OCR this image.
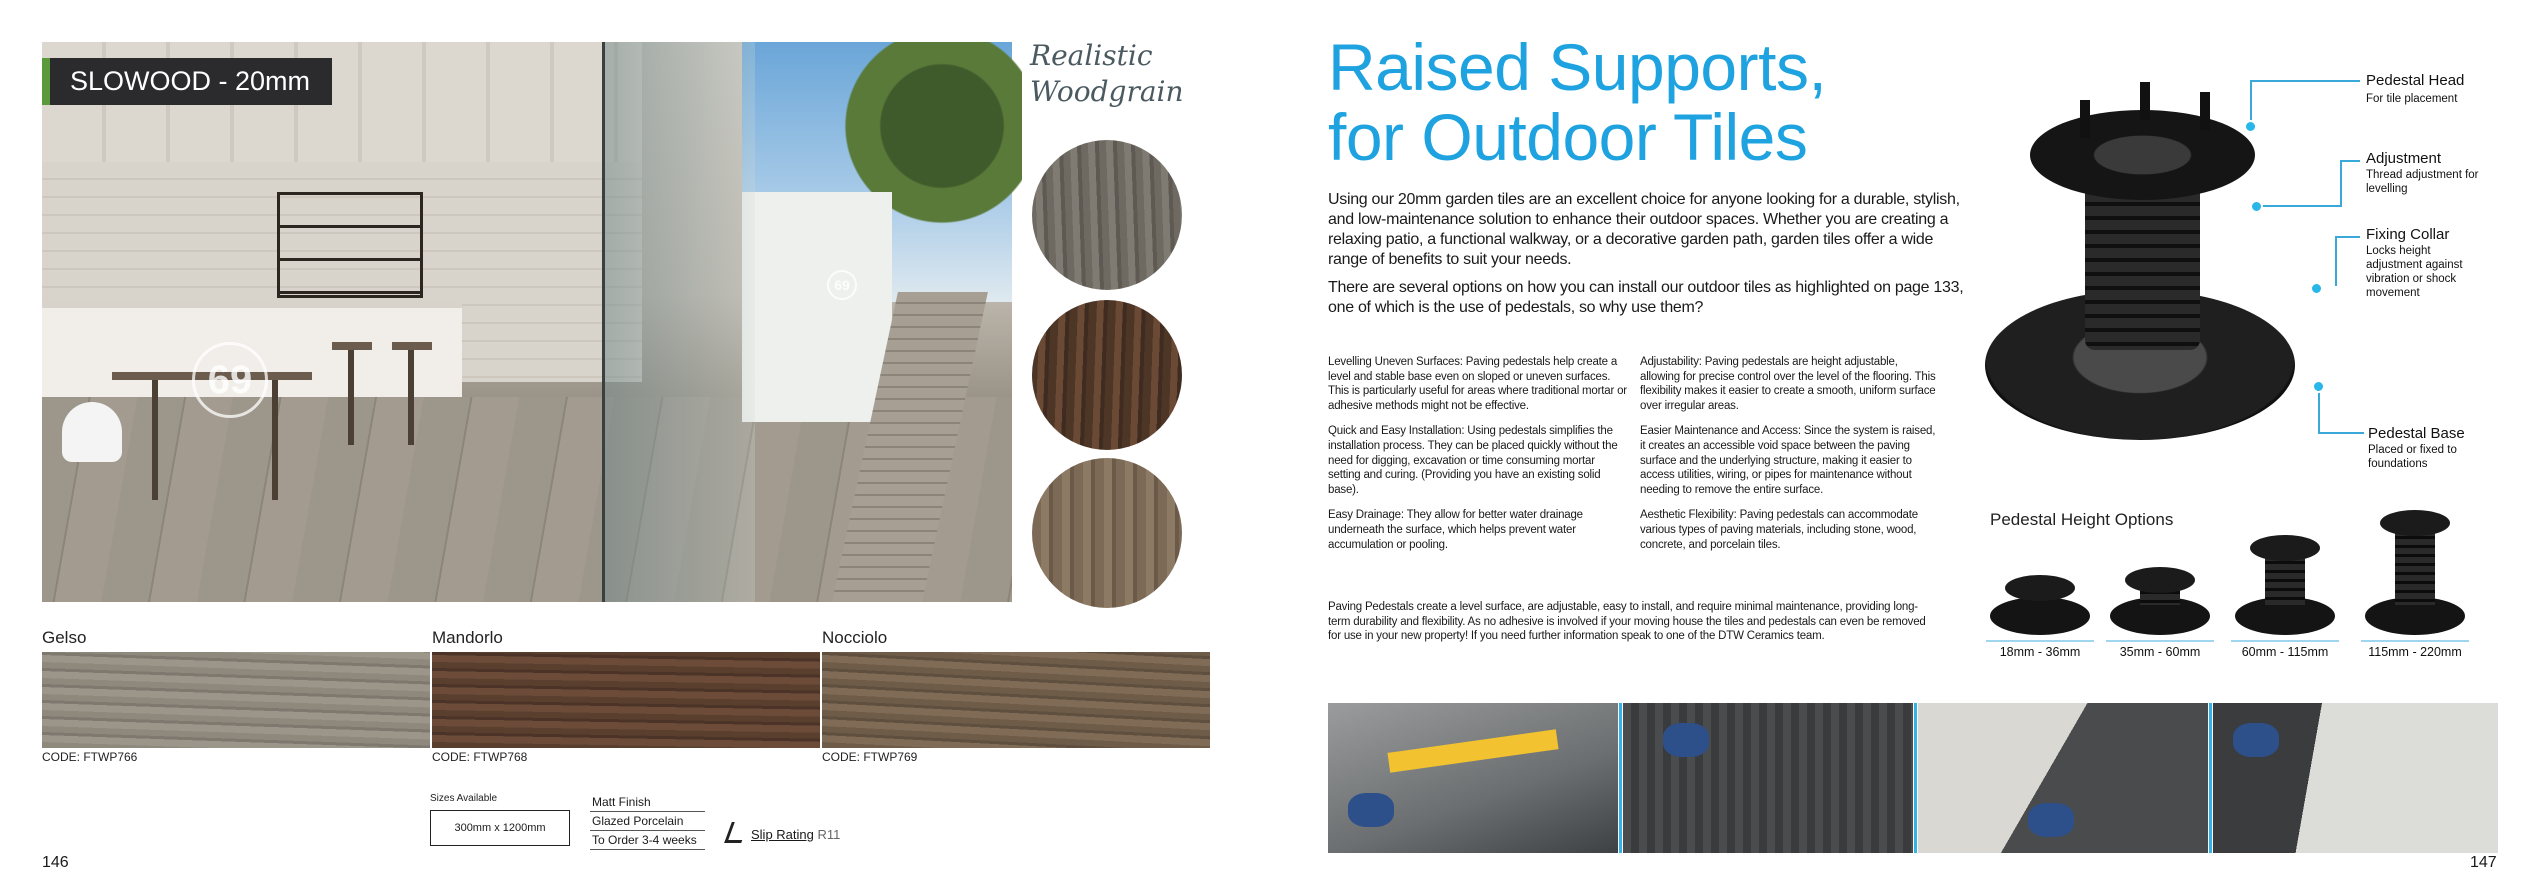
69
69
Featured: Gelso 300mm x 1200mm
SLOWOOD - 20mm
Realistic
Woodgrain
Gelso
CODE: FTWP766
Mandorlo
CODE: FTWP768
Nocciolo
CODE: FTWP769
Sizes Available
300mm x 1200mm
Matt Finish
Glazed Porcelain
To Order 3-4 weeks	Slip Rating R11
146
Raised Supports,
for Outdoor Tiles

Using our 20mm garden tiles are an excellent choice for anyone looking for a durable, stylish, and low-maintenance solution to enhance their outdoor spaces. Whether you are creating a relaxing patio, a functional walkway, or a decorative garden path, garden tiles offer a wide range of benefits to suit your needs.

There are several options on how you can install our outdoor tiles as highlighted on page 133, one of which is the use of pedestals, so why use them?

Levelling Uneven Surfaces: Paving pedestals help create a level and stable base even on sloped or uneven surfaces. This is particularly useful for areas where traditional mortar or adhesive methods might not be effective.

Quick and Easy Installation: Using pedestals simplifies the installation process. They can be placed quickly without the need for digging, excavation or time consuming mortar setting and curing. (Providing you have an existing solid base).

Easy Drainage: They allow for better water drainage underneath the surface, which helps prevent water accumulation or pooling.

Adjustability: Paving pedestals are height adjustable, allowing for precise control over the level of the flooring. This flexibility makes it easier to create a smooth, uniform surface over irregular areas.

Easier Maintenance and Access: Since the system is raised, it creates an accessible void space between the paving surface and the underlying structure, making it easier to access utilities, wiring, or pipes for maintenance without needing to remove the entire surface.

Aesthetic Flexibility: Paving pedestals can accommodate various types of paving materials, including stone, wood, concrete, and porcelain tiles.

Paving Pedestals create a level surface, are adjustable, easy to install, and require minimal maintenance, providing long-term durability and flexibility. As no adhesive is involved if your moving house the tiles and pedestals can even be removed for use in your new property! If you need further information speak to one of the DTW Ceramics team.
Pedestal Head
For tile placement
Adjustment
Thread adjustment for levelling
Fixing Collar
Locks height adjustment against vibration or shock movement
Pedestal Base
Placed or fixed to foundations
Pedestal Height Options
18mm - 36mm	35mm - 60mm	60mm - 115mm	115mm - 220mm
147
